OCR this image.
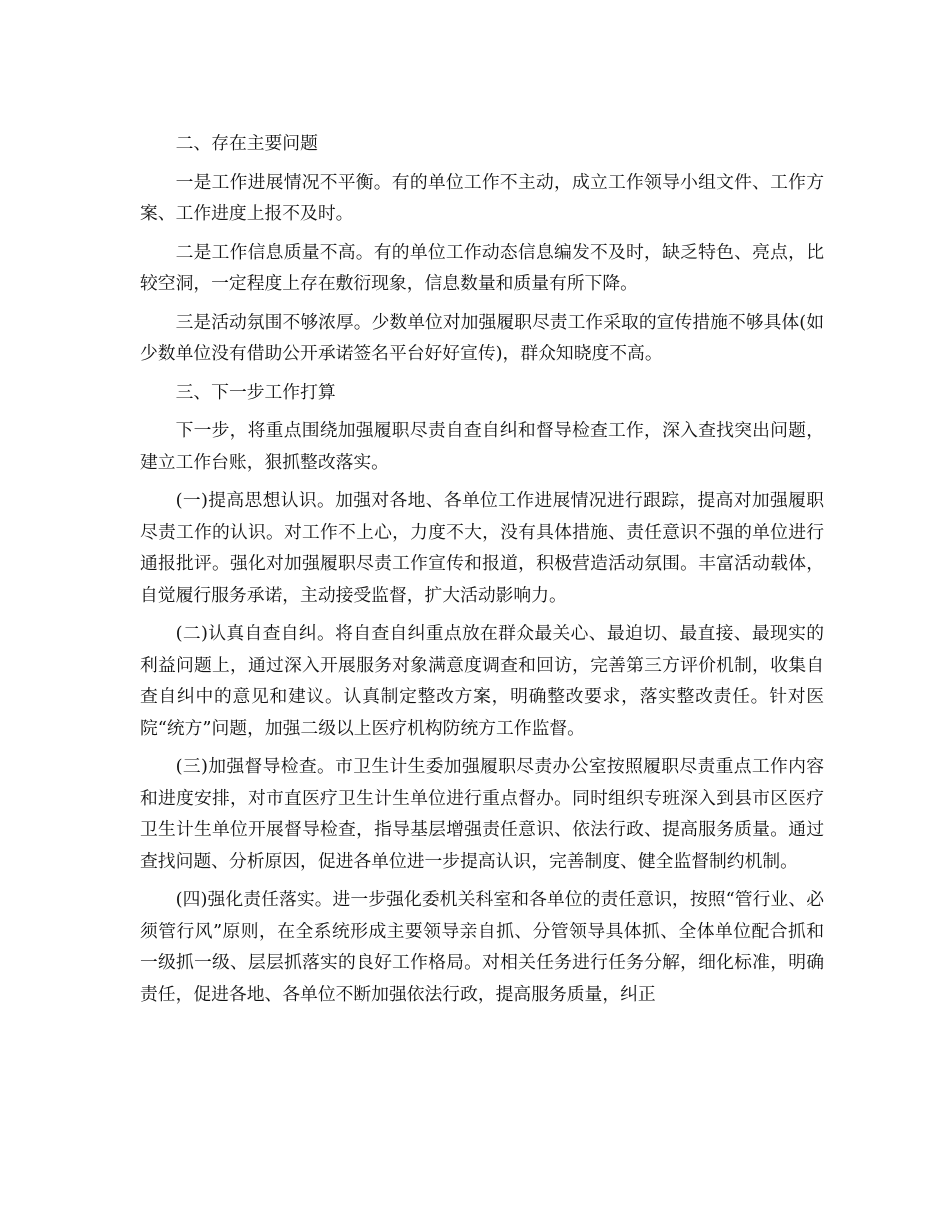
二、存在主要问题

一是工作进展情况不平衡。有的单位工作不主动，成立工作领导小组文件、工作方案、工作进度上报不及时。

二是工作信息质量不高。有的单位工作动态信息编发不及时，缺乏特色、亮点，比较空洞，一定程度上存在敷衍现象，信息数量和质量有所下降。

三是活动氛围不够浓厚。少数单位对加强履职尽责工作采取的宣传措施不够具体(如少数单位没有借助公开承诺签名平台好好宣传)，群众知晓度不高。

三、下一步工作打算

下一步，将重点围绕加强履职尽责自查自纠和督导检查工作，深入查找突出问题，建立工作台账，狠抓整改落实。

(一)提高思想认识。加强对各地、各单位工作进展情况进行跟踪，提高对加强履职尽责工作的认识。对工作不上心，力度不大，没有具体措施、责任意识不强的单位进行通报批评。强化对加强履职尽责工作宣传和报道，积极营造活动氛围。丰富活动载体，自觉履行服务承诺，主动接受监督，扩大活动影响力。

(二)认真自查自纠。将自查自纠重点放在群众最关心、最迫切、最直接、最现实的利益问题上，通过深入开展服务对象满意度调查和回访，完善第三方评价机制，收集自查自纠中的意见和建议。认真制定整改方案，明确整改要求，落实整改责任。针对医院“统方”问题，加强二级以上医疗机构防统方工作监督。

(三)加强督导检查。市卫生计生委加强履职尽责办公室按照履职尽责重点工作内容和进度安排，对市直医疗卫生计生单位进行重点督办。同时组织专班深入到县市区医疗卫生计生单位开展督导检查，指导基层增强责任意识、依法行政、提高服务质量。通过查找问题、分析原因，促进各单位进一步提高认识，完善制度、健全监督制约机制。

(四)强化责任落实。进一步强化委机关科室和各单位的责任意识，按照“管行业、必须管行风”原则，在全系统形成主要领导亲自抓、分管领导具体抓、全体单位配合抓和一级抓一级、层层抓落实的良好工作格局。对相关任务进行任务分解，细化标准，明确责任，促进各地、各单位不断加强依法行政，提高服务质量，纠正
